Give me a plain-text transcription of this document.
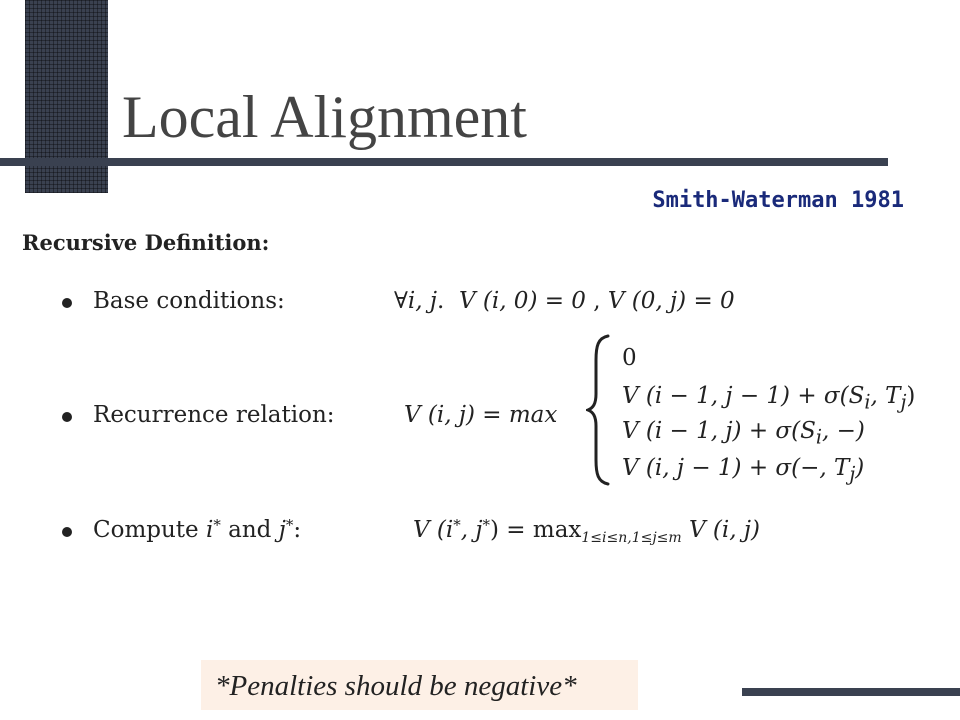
Local Alignment
Smith-Waterman 1981
Recursive Definition:
Base conditions:	∀i, j. V (i, 0) = 0 , V (0, j) = 0
Recurrence relation:	V (i, j) = max
0
V (i − 1, $j - 1) + \sigma(S_i$, $T_j$)
V (i − 1, $j) + \sigma(S_i$, −)
V (i, j − 1) + σ(−, $T_j$)
Compute i* and j*:	V (i*, $j^*) = \max_{1\le i\le n,1\le j\le m} V$ (i, j)
*Penalties should be negative*
